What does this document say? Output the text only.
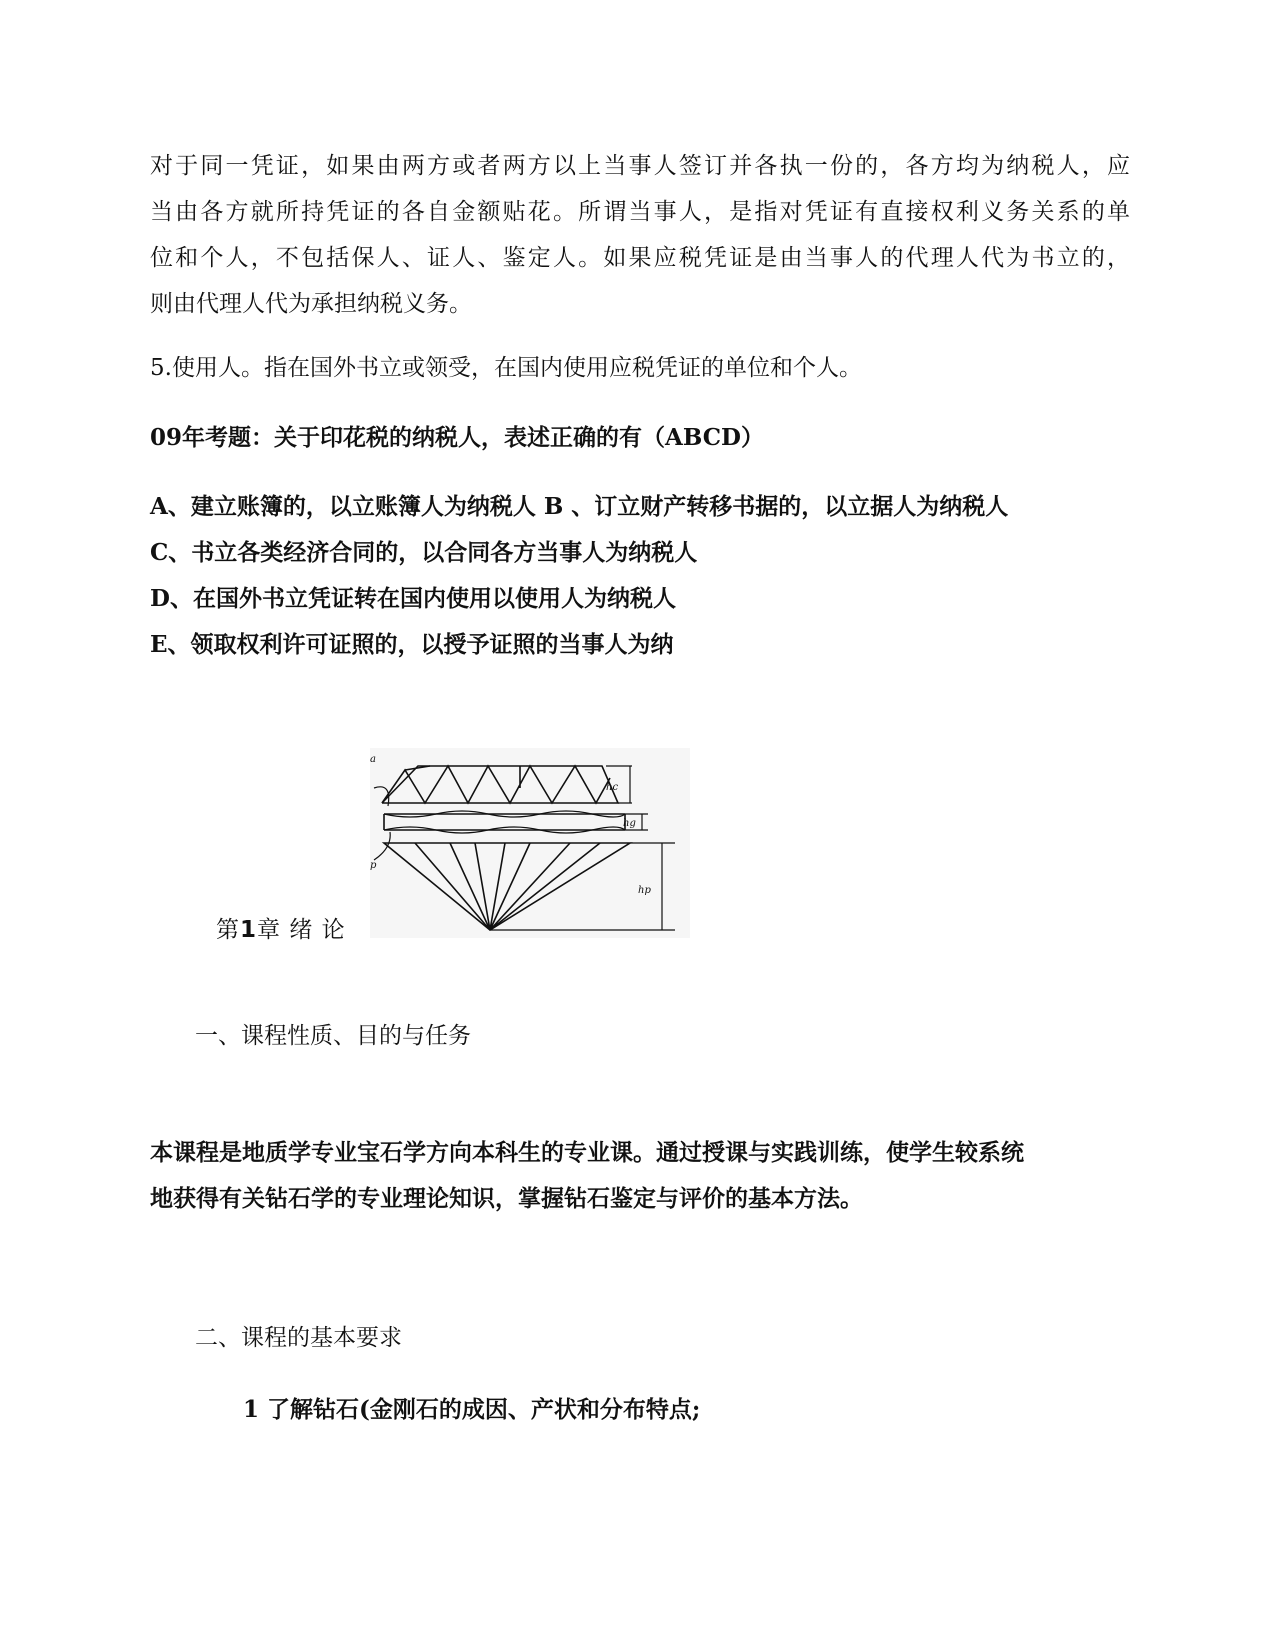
对于同一凭证，如果由两方或者两方以上当事人签订并各执一份的，各方均为纳税人，应
当由各方就所持凭证的各自金额贴花。所谓当事人，是指对凭证有直接权利义务关系的单
位和个人，不包括保人、证人、鉴定人。如果应税凭证是由当事人的代理人代为书立的，
则由代理人代为承担纳税义务。
5.使用人。指在国外书立或领受，在国内使用应税凭证的单位和个人。
09年考题：关于印花税的纳税人，表述正确的有（ABCD）
A、建立账簿的，以立账簿人为纳税人 B 、订立财产转移书据的，以立据人为纳税人
C、书立各类经济合同的，以合同各方当事人为纳税人
D、在国外书立凭证转在国内使用以使用人为纳税人
E、领取权利许可证照的，以授予证照的当事人为纳
a
p
hc
hg
hp
第1章 绪 论
一、课程性质、目的与任务
本课程是地质学专业宝石学方向本科生的专业课。通过授课与实践训练，使学生较系统
地获得有关钻石学的专业理论知识，掌握钻石鉴定与评价的基本方法。
二、课程的基本要求
1 了解钻石(金刚石的成因、产状和分布特点;
